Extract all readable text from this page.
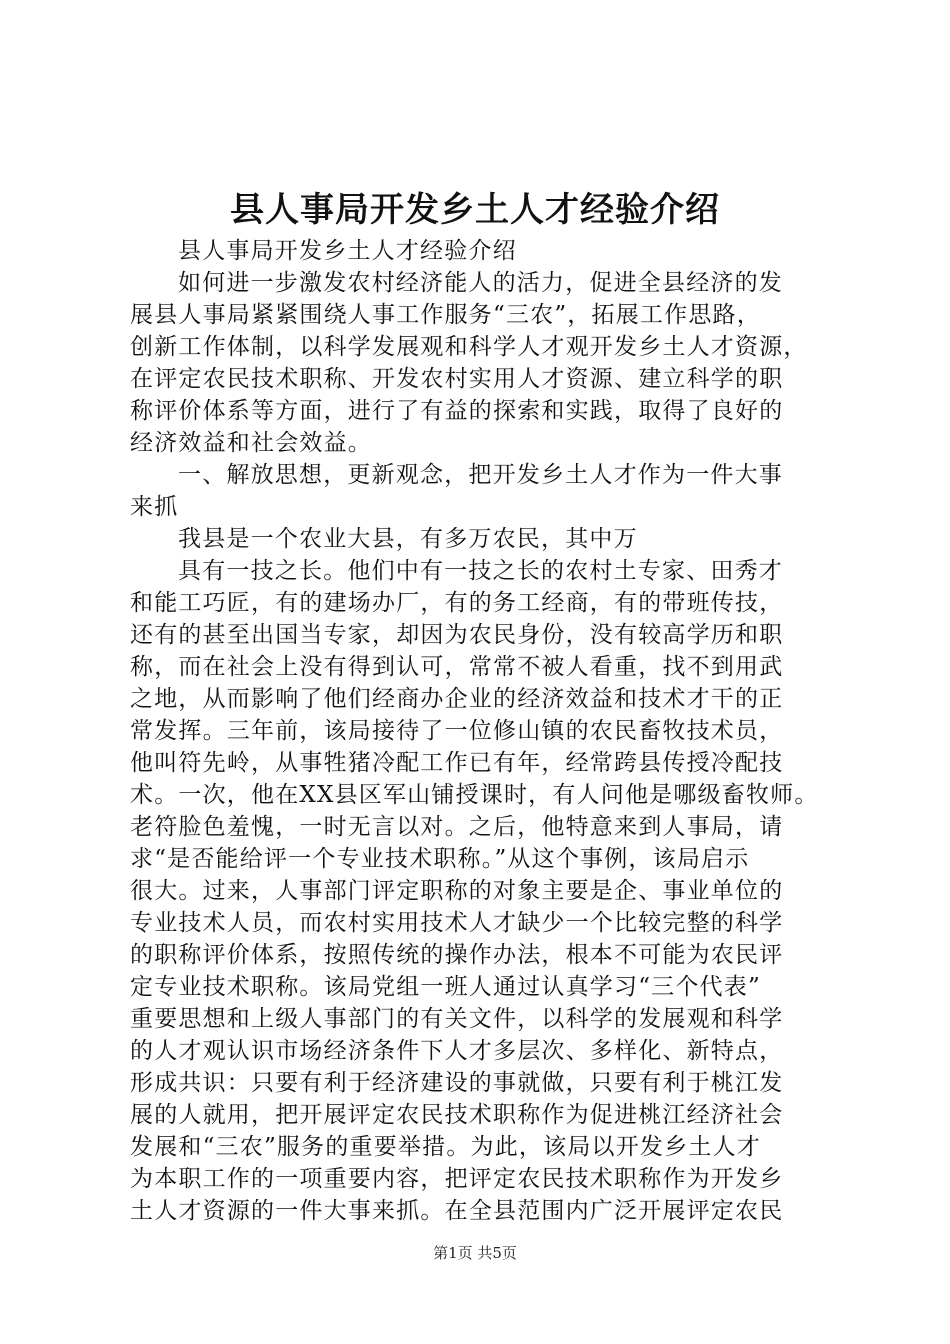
县人事局开发乡土人才经验介绍
县人事局开发乡土人才经验介绍
如何进一步激发农村经济能人的活力，促进全县经济的发
展县人事局紧紧围绕人事工作服务“三农”，拓展工作思路，
创新工作体制，以科学发展观和科学人才观开发乡土人才资源，
在评定农民技术职称、开发农村实用人才资源、建立科学的职
称评价体系等方面，进行了有益的探索和实践，取得了良好的
经济效益和社会效益。
一、解放思想，更新观念，把开发乡土人才作为一件大事
来抓
我县是一个农业大县，有多万农民，其中万
具有一技之长。他们中有一技之长的农村土专家、田秀才
和能工巧匠，有的建场办厂，有的务工经商，有的带班传技，
还有的甚至出国当专家，却因为农民身份，没有较高学历和职
称，而在社会上没有得到认可，常常不被人看重，找不到用武
之地，从而影响了他们经商办企业的经济效益和技术才干的正
常发挥。三年前，该局接待了一位修山镇的农民畜牧技术员，
他叫符先岭，从事牲猪冷配工作已有年，经常跨县传授冷配技
术。一次，他在XX县区军山铺授课时，有人问他是哪级畜牧师。
老符脸色羞愧，一时无言以对。之后，他特意来到人事局，请
求“是否能给评一个专业技术职称。”从这个事例，该局启示
很大。过来，人事部门评定职称的对象主要是企、事业单位的
专业技术人员，而农村实用技术人才缺少一个比较完整的科学
的职称评价体系，按照传统的操作办法，根本不可能为农民评
定专业技术职称。该局党组一班人通过认真学习“三个代表”
重要思想和上级人事部门的有关文件，以科学的发展观和科学
的人才观认识市场经济条件下人才多层次、多样化、新特点，
形成共识：只要有利于经济建设的事就做，只要有利于桃江发
展的人就用，把开展评定农民技术职称作为促进桃江经济社会
发展和“三农”服务的重要举措。为此，该局以开发乡土人才
为本职工作的一项重要内容，把评定农民技术职称作为开发乡
土人才资源的一件大事来抓。在全县范围内广泛开展评定农民
第1页 共5页
